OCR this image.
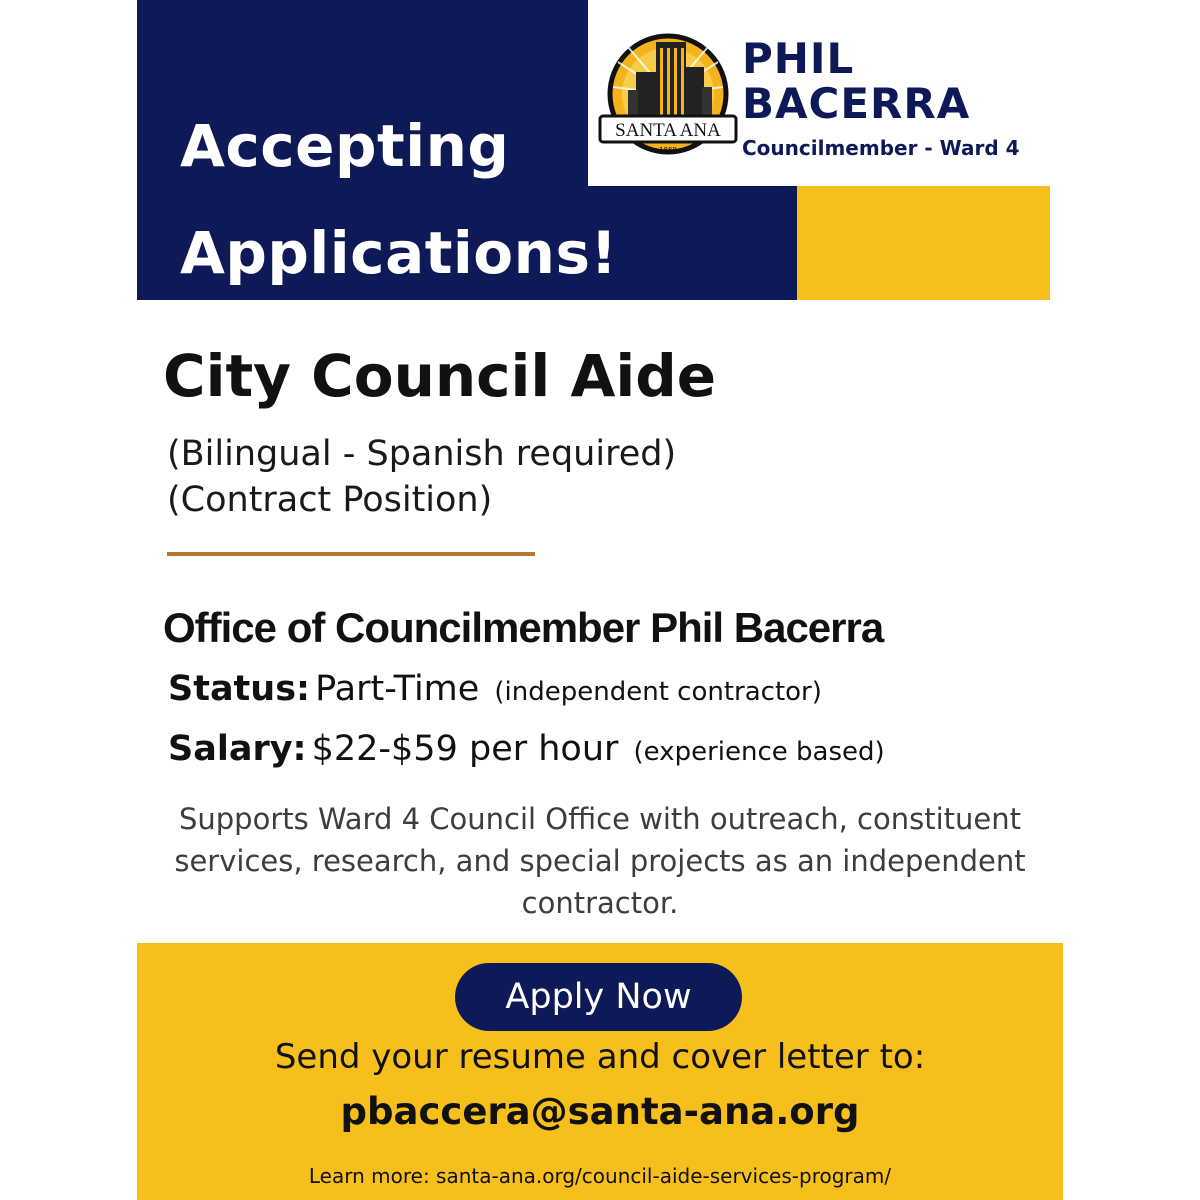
Accepting
Applications!
SANTA ANA
1869
PHIL
BACERRA
Councilmember - Ward 4
City Council Aide
(Bilingual - Spanish required)
(Contract Position)
Office of Councilmember Phil Bacerra
Status: Part-Time (independent contractor)
Salary: $22-$59 per hour (experience based)
Supports Ward 4 Council Office with outreach, constituent services, research, and special projects as an independent contractor.
Apply Now
Send your resume and cover letter to:
pbaccera@santa-ana.org
Learn more: santa-ana.org/council-aide-services-program/
